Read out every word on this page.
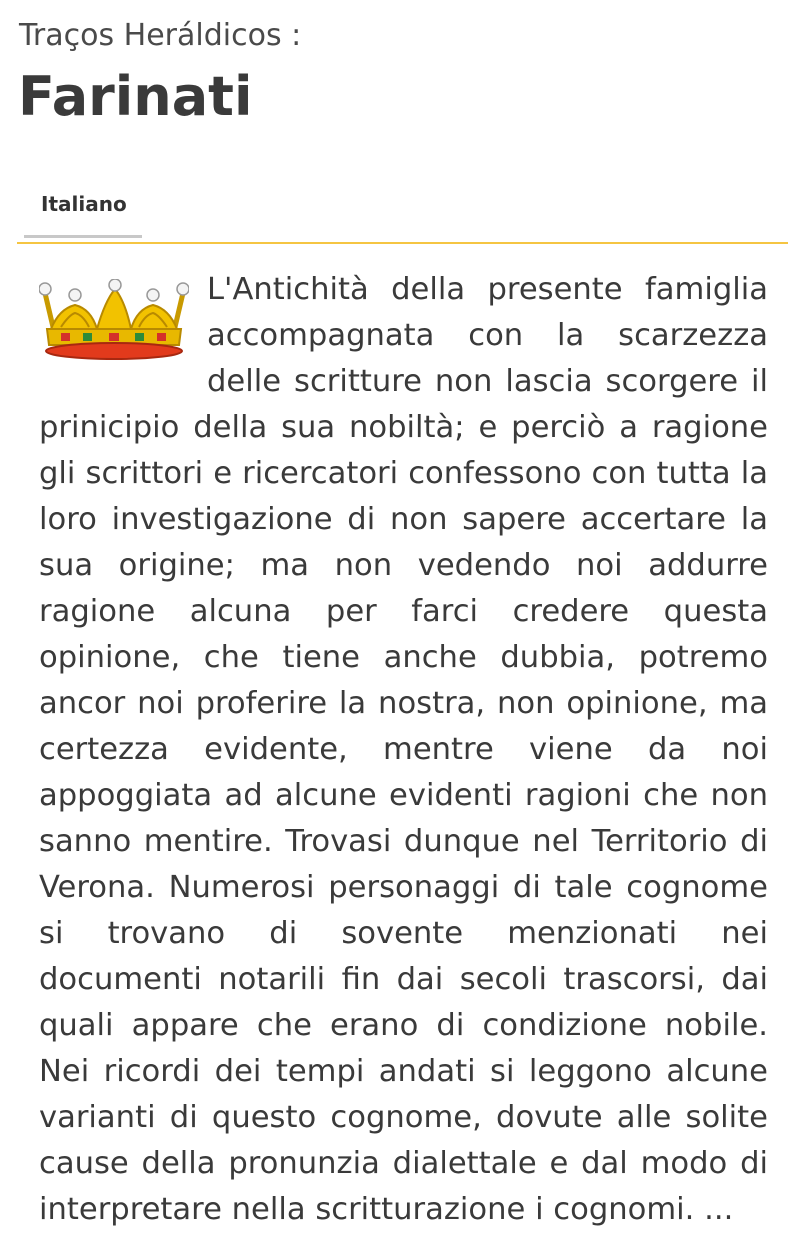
Traços Heráldicos :
Farinati
Italiano
L'Antichità della presente famiglia accompagnata con la scarzezza delle scritture non lascia scorgere il prinicipio della sua nobiltà; e perciò a ragione gli scrittori e ricercatori confessono con tutta la loro investigazione di non sapere accertare la sua origine; ma non vedendo noi addurre ragione alcuna per farci credere questa opinione, che tiene anche dubbia, potremo ancor noi proferire la nostra, non opinione, ma certezza evidente, mentre viene da noi appoggiata ad alcune evidenti ragioni che non sanno mentire. Trovasi dunque nel Territorio di Verona. Numerosi personaggi di tale cognome si trovano di sovente menzionati nei documenti notarili fin dai secoli trascorsi, dai quali appare che erano di condizione nobile. Nei ricordi dei tempi andati si leggono alcune varianti di questo cognome, dovute alle solite cause della pronunzia dialettale e dal modo di interpretare nella scritturazione i cognomi. ...
